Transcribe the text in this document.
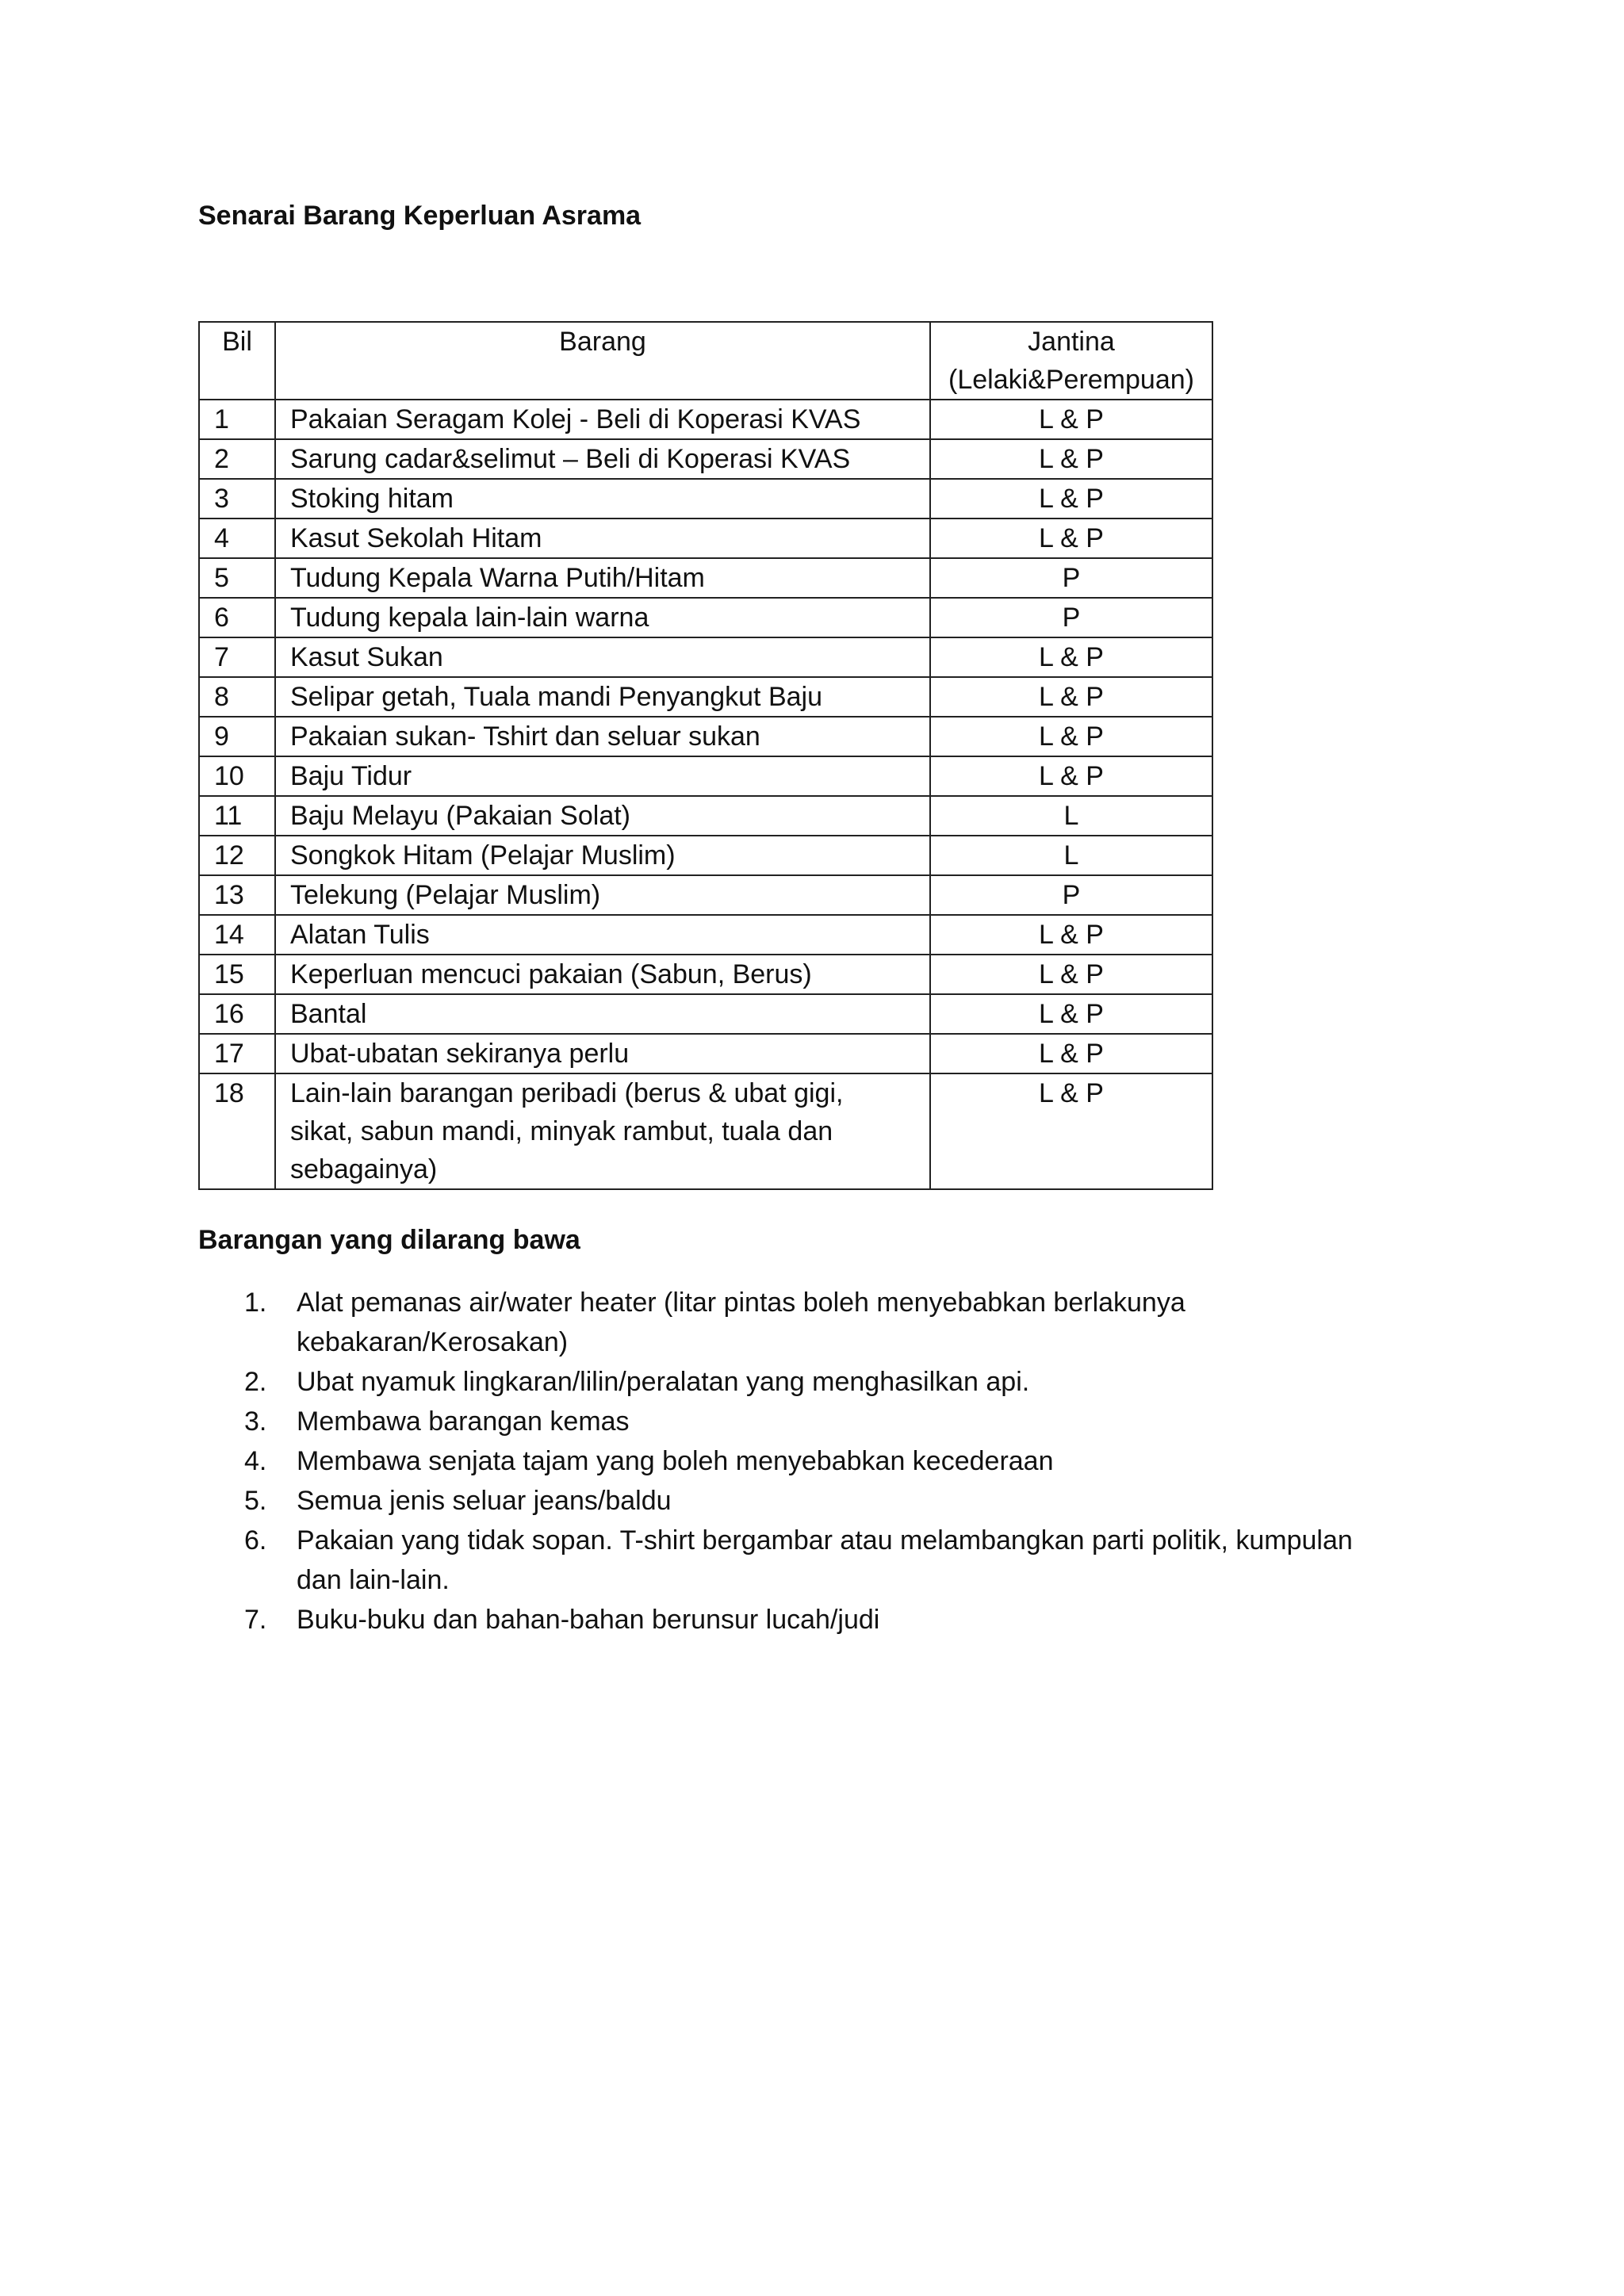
Senarai Barang Keperluan Asrama
Bil	Barang	Jantina
(Lelaki&Perempuan)

1	Pakaian Seragam Kolej - Beli di Koperasi KVAS	L & P
2	Sarung cadar&selimut – Beli di Koperasi KVAS	L & P
3	Stoking hitam	L & P
4	Kasut Sekolah Hitam	L & P
5	Tudung Kepala Warna Putih/Hitam	P
6	Tudung kepala lain-lain warna	P
7	Kasut Sukan	L & P
8	Selipar getah, Tuala mandi Penyangkut Baju	L & P
9	Pakaian sukan- Tshirt dan seluar sukan	L & P
10	Baju Tidur	L & P
11	Baju Melayu (Pakaian Solat)	L
12	Songkok Hitam (Pelajar Muslim)	L
13	Telekung (Pelajar Muslim)	P
14	Alatan Tulis	L & P
15	Keperluan mencuci pakaian (Sabun, Berus)	L & P
16	Bantal	L & P
17	Ubat-ubatan sekiranya perlu	L & P
18	Lain-lain barangan peribadi (berus & ubat gigi,
sikat, sabun mandi, minyak rambut, tuala dan
sebagainya)	L & P
Barangan yang dilarang bawa
1. Alat pemanas air/water heater (litar pintas boleh menyebabkan berlakunya
kebakaran/Kerosakan)
2. Ubat nyamuk lingkaran/lilin/peralatan yang menghasilkan api.
3. Membawa barangan kemas
4. Membawa senjata tajam yang boleh menyebabkan kecederaan
5. Semua jenis seluar jeans/baldu
6. Pakaian yang tidak sopan. T-shirt bergambar atau melambangkan parti politik, kumpulan
dan lain-lain.
7. Buku-buku dan bahan-bahan berunsur lucah/judi
